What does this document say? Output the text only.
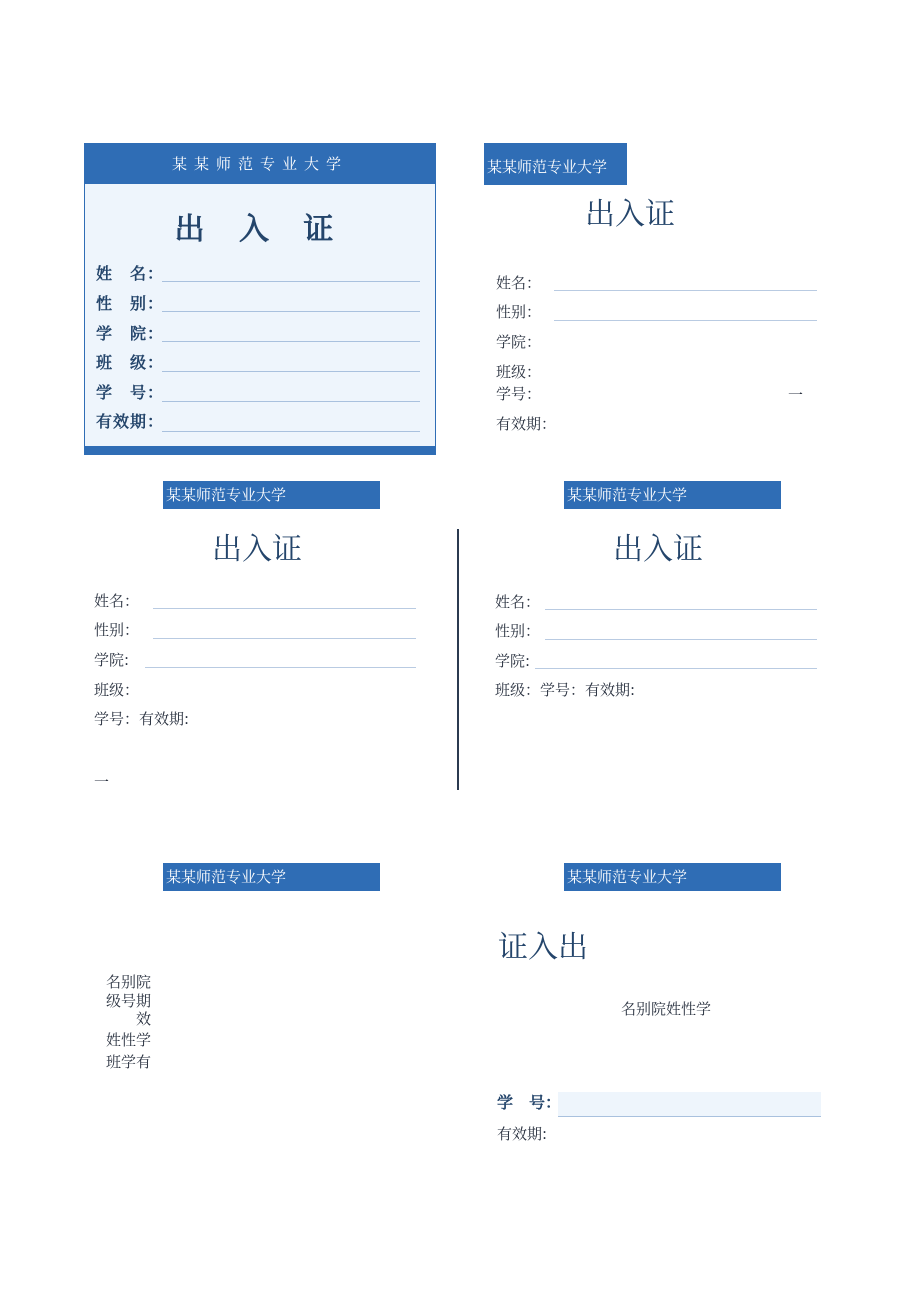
某某师范专业大学
出 入 证
姓　名：
性　别：
学　院：
班　级：
学　号：
有效期：
某某师范专业大学
出入证
姓名：
性别：
学院：
班级：
学号：	一
有效期：
某某师范专业大学
出入证
姓名：
性别：
学院:
班级：
学号：有效期:
一
某某师范专业大学
出入证
姓名：
性别：
学院:
班级：学号：有效期:
某某师范专业大学
名别院
级号期
效
姓性学
班学有
某某师范专业大学
证入出
名别院姓性学
学　号：
有效期:
